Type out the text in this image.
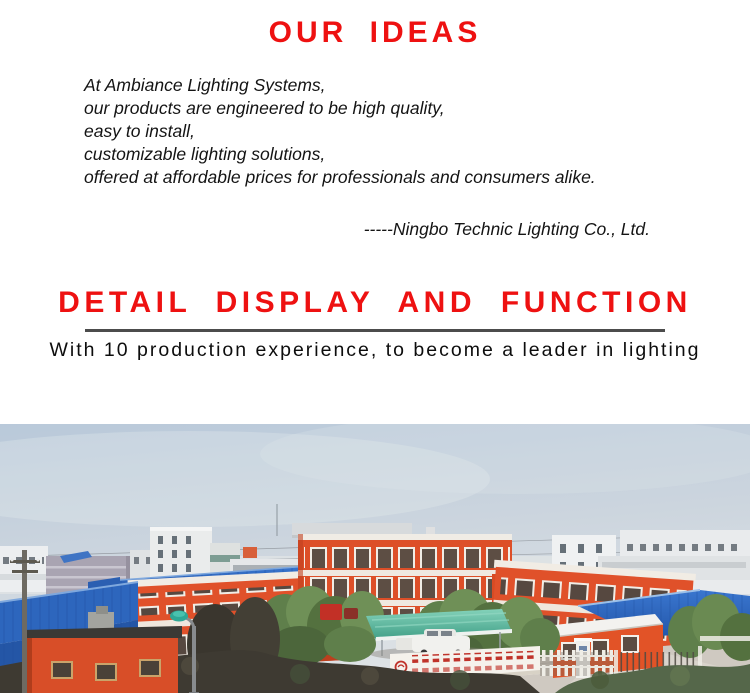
OUR IDEAS

At Ambiance Lighting Systems,

our products are engineered to be high quality,

easy to install,

customizable lighting solutions,

offered at affordable prices for professionals and consumers alike.

-----Ningbo Technic Lighting Co., Ltd.

DETAIL DISPLAY AND FUNCTION

With 10 production experience, to become a leader in lighting
